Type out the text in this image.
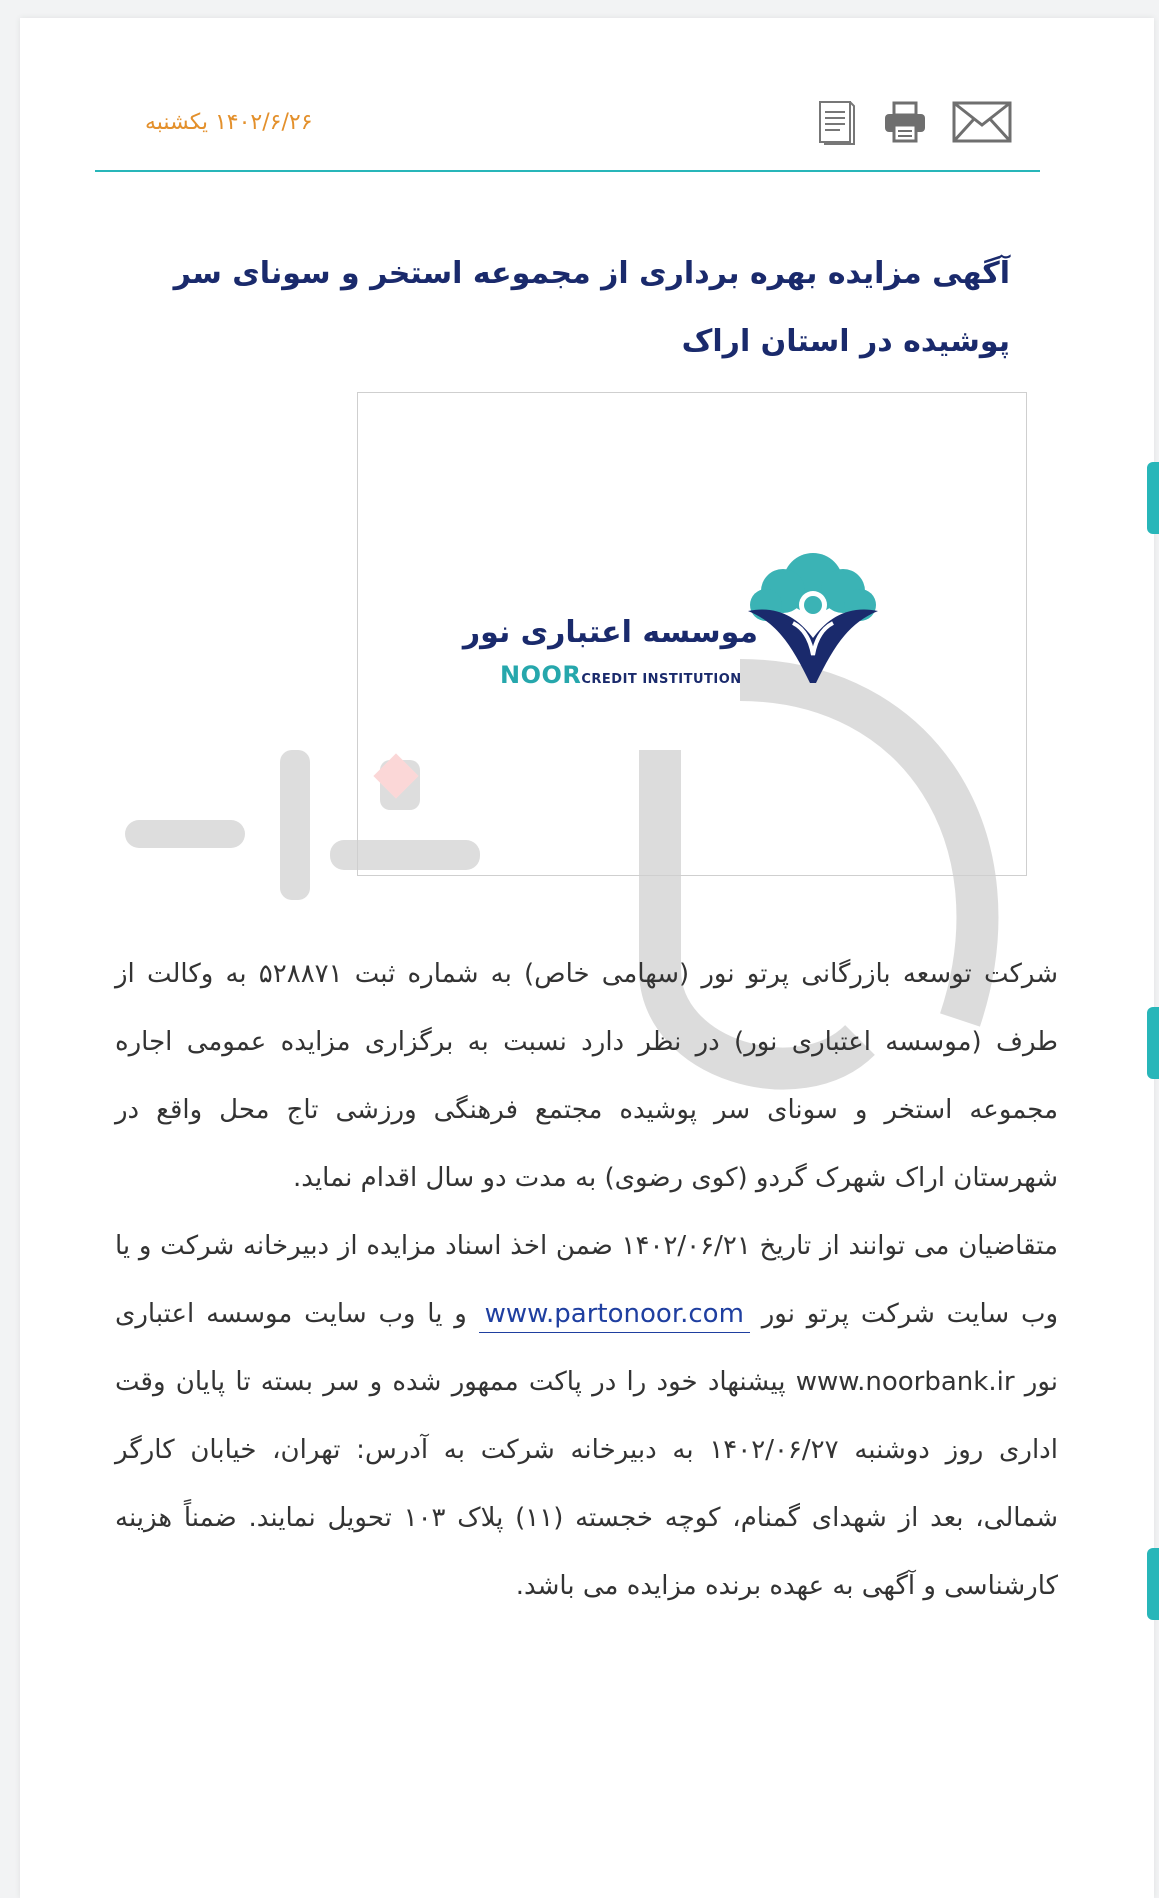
۱۴۰۲/۶/۲۶ یکشنبه
آگهی مزایده بهره برداری از مجموعه استخر و سونای سر پوشیده در استان اراک
موسسه اعتباری نور
NOORCREDIT INSTITUTION

شرکت توسعه بازرگانی پرتو نور (سهامی خاص) به شماره ثبت ۵۲۸۸۷۱ به وکالت از طرف (موسسه اعتباری نور) در نظر دارد نسبت به برگزاری مزایده عمومی اجاره مجموعه استخر و سونای سر پوشیده مجتمع فرهنگی ورزشی تاج محل واقع در شهرستان اراک شهرک گردو (کوی رضوی) به مدت دو سال اقدام نماید.

متقاضیان می توانند از تاریخ ۱۴۰۲/۰۶/۲۱ ضمن اخذ اسناد مزایده از دبیرخانه شرکت و یا وب سایت شرکت پرتو نور www.partonoor.com و یا وب سایت موسسه اعتباری نور www.noorbank.ir پیشنهاد خود را در پاکت ممهور شده و سر بسته تا پایان وقت اداری روز دوشنبه ۱۴۰۲/۰۶/۲۷ به دبیرخانه شرکت به آدرس: تهران، خیابان کارگر شمالی، بعد از شهدای گمنام، کوچه خجسته (۱۱) پلاک ۱۰۳ تحویل نمایند. ضمناً هزینه کارشناسی و آگهی به عهده برنده مزایده می باشد.
